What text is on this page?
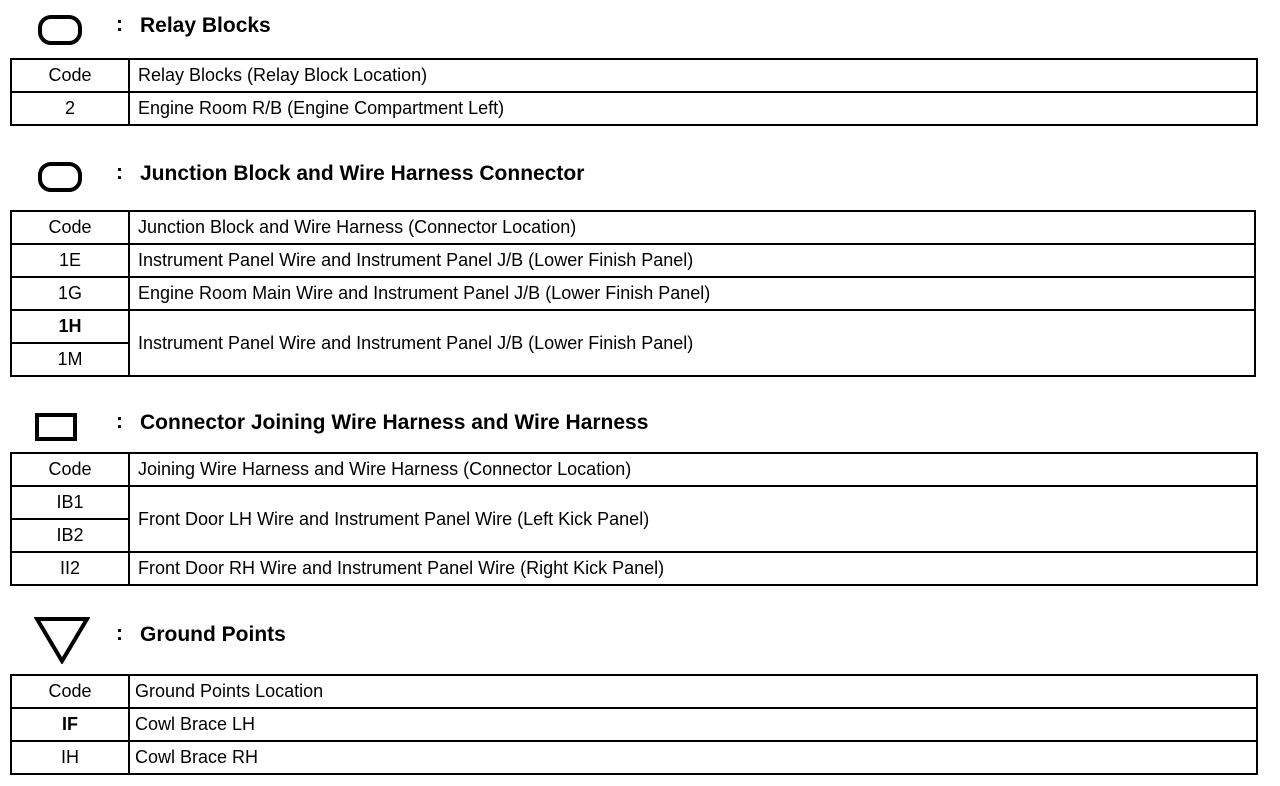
: Relay Blocks
Code	Relay Blocks (Relay Block Location)
2	Engine Room R/B (Engine Compartment Left)
: Junction Block and Wire Harness Connector
Code	Junction Block and Wire Harness (Connector Location)
1E	Instrument Panel Wire and Instrument Panel J/B (Lower Finish Panel)
1G	Engine Room Main Wire and Instrument Panel J/B (Lower Finish Panel)
1H	Instrument Panel Wire and Instrument Panel J/B (Lower Finish Panel)
1M	
: Connector Joining Wire Harness and Wire Harness
Code	Joining Wire Harness and Wire Harness (Connector Location)
IB1	Front Door LH Wire and Instrument Panel Wire (Left Kick Panel)
IB2	
II2	Front Door RH Wire and Instrument Panel Wire (Right Kick Panel)
: Ground Points
Code	Ground Points Location
IF	Cowl Brace LH
IH	Cowl Brace RH
